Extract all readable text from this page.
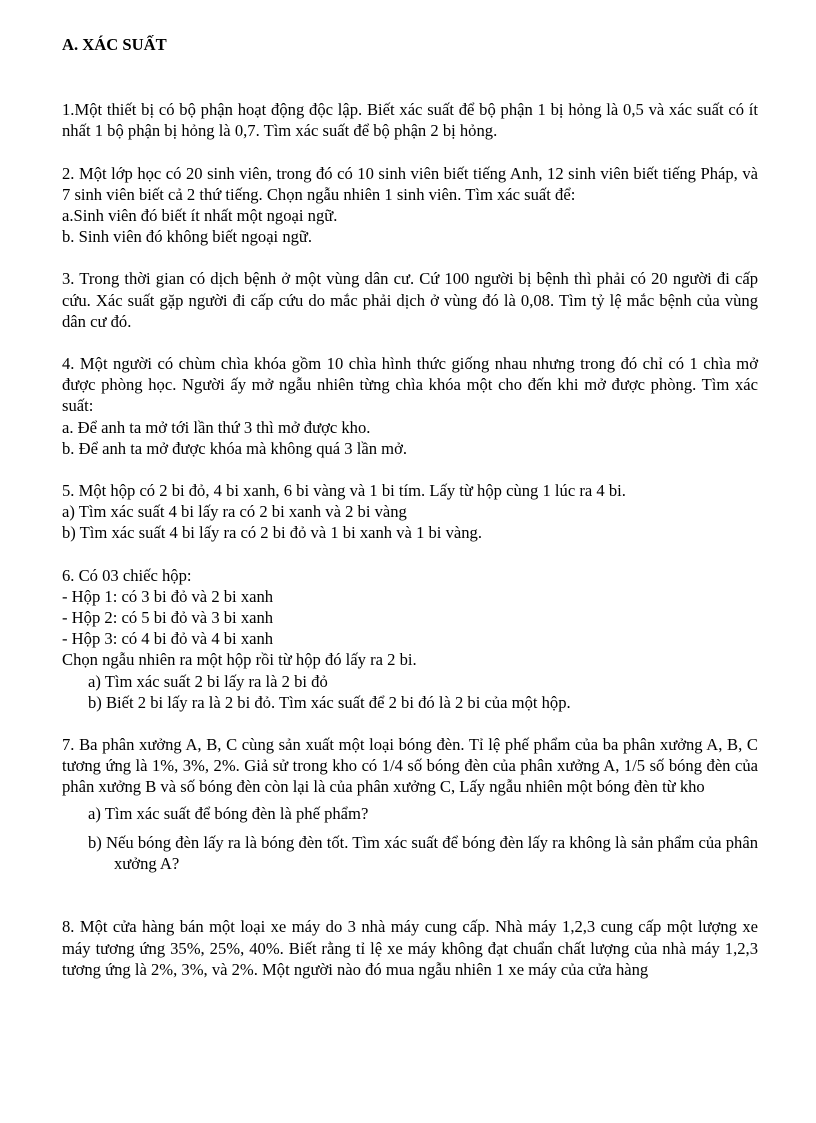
A. XÁC SUẤT

1.Một thiết bị có bộ phận hoạt động độc lập. Biết xác suất để bộ phận 1 bị hỏng là 0,5 và xác suất có ít nhất 1 bộ phận bị hỏng là 0,7. Tìm xác suất để bộ phận 2 bị hỏng.

2. Một lớp học có 20 sinh viên, trong đó có 10 sinh viên biết tiếng Anh, 12 sinh viên biết tiếng Pháp, và 7 sinh viên biết cả 2 thứ tiếng. Chọn ngẫu nhiên 1 sinh viên. Tìm xác suất để:

a.Sinh viên đó biết ít nhất một ngoại ngữ.
b. Sinh viên đó không biết ngoại ngữ.

3. Trong thời gian có dịch bệnh ở một vùng dân cư. Cứ 100 người bị bệnh thì phải có 20 người đi cấp cứu. Xác suất gặp người đi cấp cứu do mắc phải dịch ở vùng đó là 0,08. Tìm tỷ lệ mắc bệnh của vùng dân cư đó.

4. Một người có chùm chìa khóa gồm 10 chìa hình thức giống nhau nhưng trong đó chỉ có 1 chìa mở được phòng học. Người ấy mở ngẫu nhiên từng chìa khóa một cho đến khi mở được phòng. Tìm xác suất:

a. Để anh ta mở tới lần thứ 3 thì mở được kho.
b. Để anh ta mở được khóa mà không quá 3 lần mở.

5. Một hộp có 2 bi đỏ, 4 bi xanh, 6 bi vàng và 1 bi tím. Lấy từ hộp cùng 1 lúc ra 4 bi.

a) Tìm xác suất 4 bi lấy ra có 2 bi xanh và 2 bi vàng
b) Tìm xác suất 4 bi lấy ra có 2 bi đỏ và 1 bi xanh và 1 bi vàng.

6. Có 03 chiếc hộp:

- Hộp 1: có 3 bi đỏ và 2 bi xanh
- Hộp 2: có 5 bi đỏ và 3 bi xanh
- Hộp 3: có 4 bi đỏ và 4 bi xanh
Chọn ngẫu nhiên ra một hộp rồi từ hộp đó lấy ra 2 bi.
a) Tìm xác suất 2 bi lấy ra là 2 bi đỏ
b) Biết 2 bi lấy ra là 2 bi đỏ. Tìm xác suất để 2 bi đó là 2 bi của một hộp.

7. Ba phân xưởng A, B, C cùng sản xuất một loại bóng đèn. Tỉ lệ phế phẩm của ba phân xưởng A, B, C tương ứng là 1%, 3%, 2%. Giả sử trong kho có 1/4 số bóng đèn của phân xưởng A, 1/5 số bóng đèn của phân xưởng B và số bóng đèn còn lại là của phân xưởng C, Lấy ngẫu nhiên một bóng đèn từ kho

a) Tìm xác suất để bóng đèn là phế phẩm?
b) Nếu bóng đèn lấy ra là bóng đèn tốt. Tìm xác suất để bóng đèn lấy ra không là sản phẩm của phân xưởng A?

8. Một cửa hàng bán một loại xe máy do 3 nhà máy cung cấp. Nhà máy 1,2,3 cung cấp một lượng xe máy tương ứng 35%, 25%, 40%. Biết rằng tỉ lệ xe máy không đạt chuẩn chất lượng của nhà máy 1,2,3 tương ứng là 2%, 3%, và 2%. Một người nào đó mua ngẫu nhiên 1 xe máy của cửa hàng
